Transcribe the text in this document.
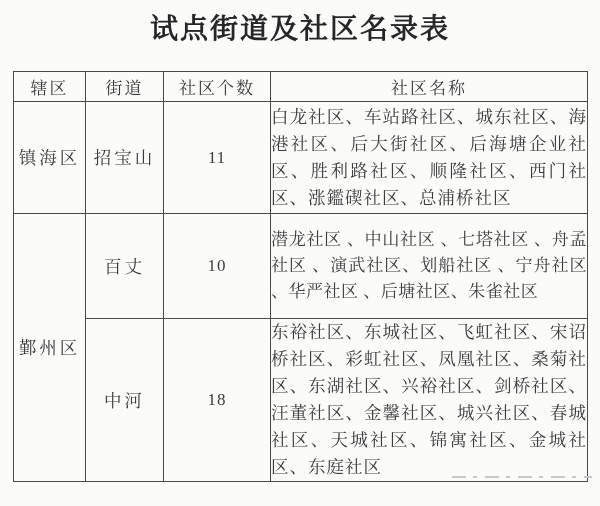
试点街道及社区名录表
辖区	街道	社区个数	社区名称
镇海区	招宝山	11	白龙社区、车站路社区、城东社区、海港社区、后大街社区、后海塘企业社区、胜利路社区、顺隆社区、西门社区、涨鑑碶社区、总浦桥社区
鄞州区	百丈	10	潜龙社区 、中山社区 、七塔社区 、舟孟社区 、演武社区、划船社区 、宁舟社区 、华严社区 、后塘社区、朱雀社区
	中河	18	东裕社区、东城社区、飞虹社区、宋诏桥社区、彩虹社区、凤凰社区、桑菊社区、东湖社区、兴裕社区、剑桥社区、汪董社区、金馨社区、城兴社区、春城社区、天城社区、锦寓社区、金城社区、东庭社区
